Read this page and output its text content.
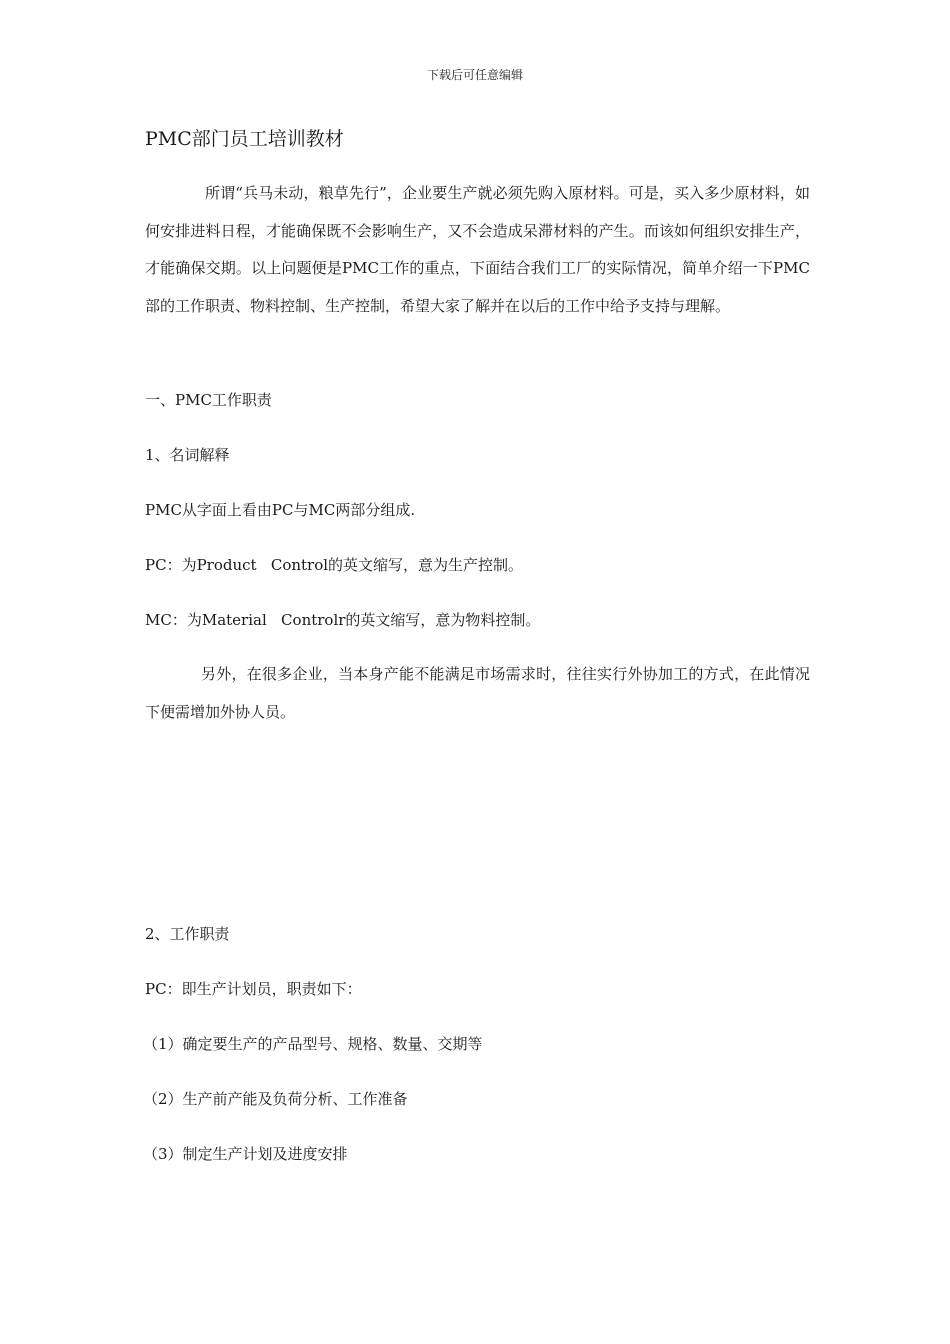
下载后可任意编辑
PMC部门员工培训教材

所谓“兵马未动，粮草先行”，企业要生产就必须先购入原材料。可是，买入多少原材料，如何安排进料日程，才能确保既不会影响生产，又不会造成呆滞材料的产生。而该如何组织安排生产，才能确保交期。以上问题便是PMC工作的重点，下面结合我们工厂的实际情况，简单介绍一下PMC部的工作职责、物料控制、生产控制，希望大家了解并在以后的工作中给予支持与理解。

一、PMC工作职责

1、名词解释

PMC从字面上看由PC与MC两部分组成.

PC：为Product   Control的英文缩写，意为生产控制。

MC：为Material   Controlr的英文缩写，意为物料控制。

另外，在很多企业，当本身产能不能满足市场需求时，往往实行外协加工的方式，在此情况下便需增加外协人员。

2、工作职责

PC：即生产计划员，职责如下：

（1）确定要生产的产品型号、规格、数量、交期等

（2）生产前产能及负荷分析、工作准备

（3）制定生产计划及进度安排
